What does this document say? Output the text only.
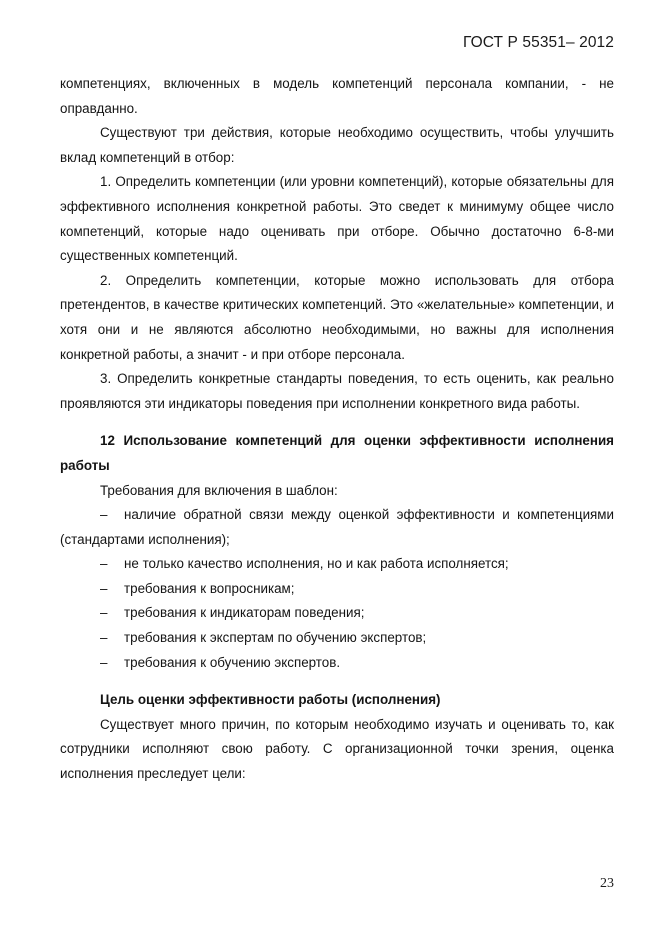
ГОСТ Р 55351– 2012

компетенциях, включенных в модель компетенций персонала компании, - не оправданно.

Существуют три действия, которые необходимо осуществить, чтобы улучшить вклад компетенций в отбор:

1. Определить компетенции (или уровни компетенций), которые обязательны для эффективного исполнения конкретной работы. Это сведет к минимуму общее число компетенций, которые надо оценивать при отборе. Обычно достаточно 6-8-ми существенных компетенций.

2. Определить компетенции, которые можно использовать для отбора претендентов, в качестве критических компетенций. Это «желательные» компетенции, и хотя они и не являются абсолютно необходимыми, но важны для исполнения конкретной работы, а значит - и при отборе персонала.

3. Определить конкретные стандарты поведения, то есть оценить, как реально проявляются эти индикаторы поведения при исполнении конкретного вида работы.

12 Использование компетенций для оценки эффективности исполнения работы

Требования для включения в шаблон:

– наличие обратной связи между оценкой эффективности и компетенциями (стандартами исполнения);

– не только качество исполнения, но и как работа исполняется;

– требования к вопросникам;

– требования к индикаторам поведения;

– требования к экспертам по обучению экспертов;

– требования к обучению экспертов.

Цель оценки эффективности работы (исполнения)

Существует много причин, по которым необходимо изучать и оценивать то, как сотрудники исполняют свою работу. С организационной точки зрения, оценка исполнения преследует цели:

23
